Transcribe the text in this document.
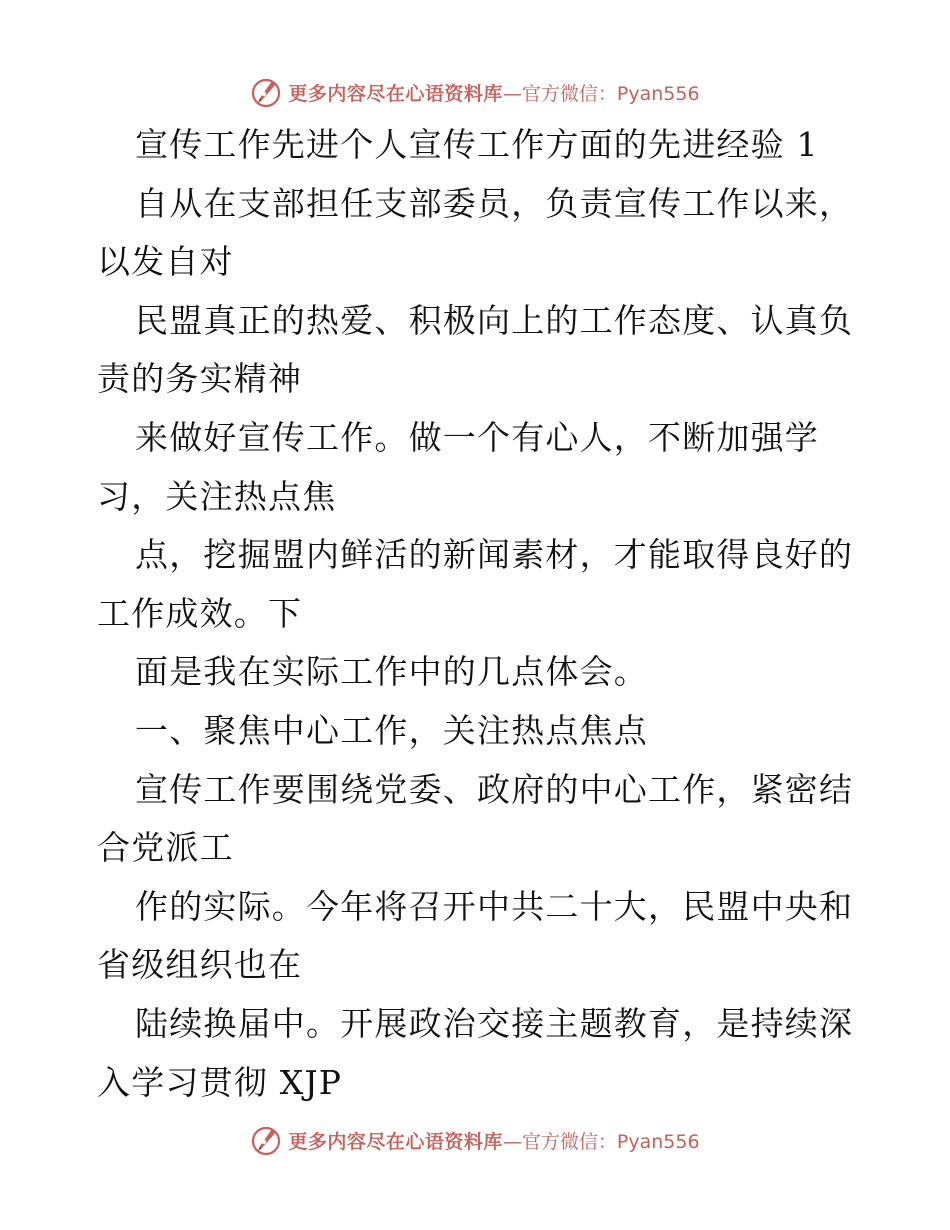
更多内容尽在心语资料库 —官方微信：Pyan556
宣传工作先进个人宣传工作方面的先进经验 1
自从在支部担任支部委员，负责宣传工作以来，
以发自对
民盟真正的热爱、积极向上的工作态度、认真负
责的务实精神
来做好宣传工作。做一个有心人，不断加强学
习，关注热点焦
点，挖掘盟内鲜活的新闻素材，才能取得良好的
工作成效。下
面是我在实际工作中的几点体会。
一、聚焦中心工作，关注热点焦点
宣传工作要围绕党委、政府的中心工作，紧密结
合党派工
作的实际。今年将召开中共二十大，民盟中央和
省级组织也在
陆续换届中。开展政治交接主题教育，是持续深
入学习贯彻 XJP
更多内容尽在心语资料库 —官方微信：Pyan556
